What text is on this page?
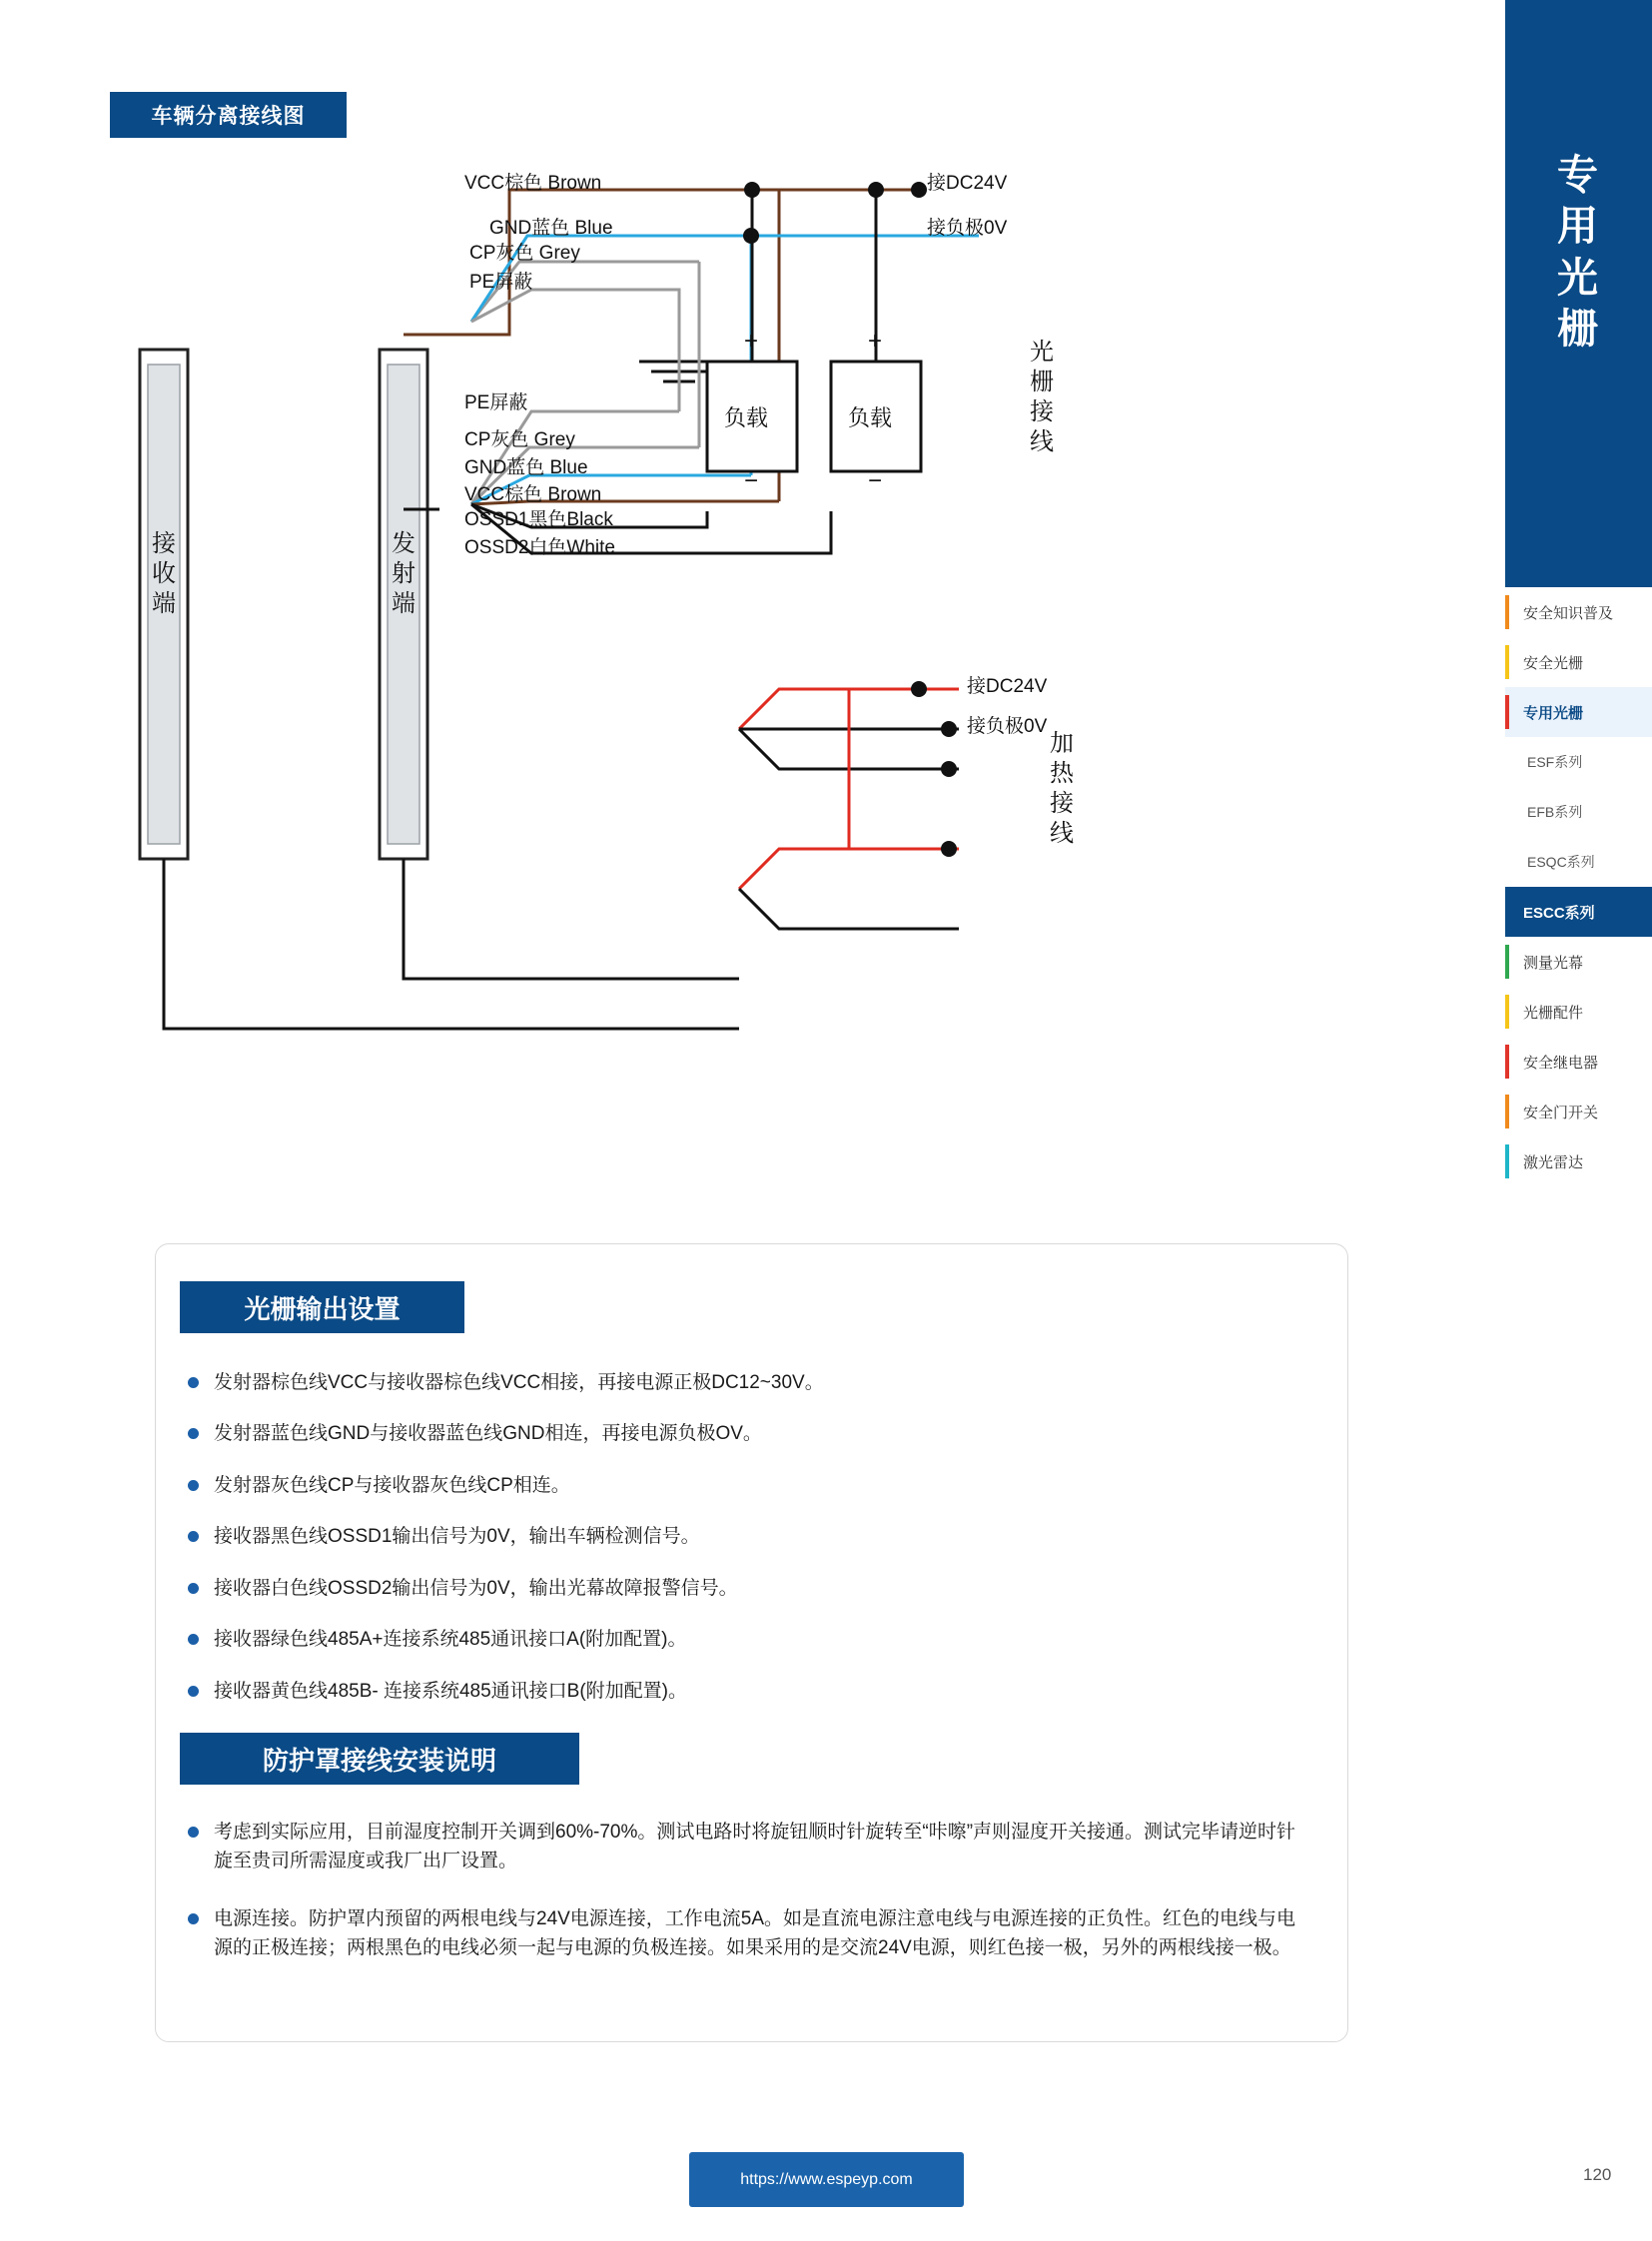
车辆分离接线图
VCC棕色 Brown
GND蓝色 Blue
CP灰色 Grey
PE屏蔽
PE屏蔽
CP灰色 Grey
GND蓝色 Blue
VCC棕色 Brown
OSSD1黑色Black
OSSD2白色White
接DC24V
接负极0V
接DC24V
接负极0V
负载	负载
+	+
−	−
接
收
端
发
射
端
光
栅
接
线
加
热
接
线
光栅输出设置
发射器棕色线VCC与接收器棕色线VCC相接，再接电源正极DC12~30V。
发射器蓝色线GND与接收器蓝色线GND相连，再接电源负极OV。
发射器灰色线CP与接收器灰色线CP相连。
接收器黑色线OSSD1输出信号为0V，输出车辆检测信号。
接收器白色线OSSD2输出信号为0V，输出光幕故障报警信号。
接收器绿色线485A+连接系统485通讯接口A(附加配置)。
接收器黄色线485B- 连接系统485通讯接口B(附加配置)。
防护罩接线安装说明
考虑到实际应用，目前湿度控制开关调到60%-70%。测试电路时将旋钮顺时针旋转至“咔嚓”声则湿度开关接通。测试完毕请逆时针旋至贵司所需湿度或我厂出厂设置。
电源连接。防护罩内预留的两根电线与24V电源连接，工作电流5A。如是直流电源注意电线与电源连接的正负性。红色的电线与电源的正极连接；两根黑色的电线必须一起与电源的负极连接。如果采用的是交流24V电源，则红色接一极，另外的两根线接一极。
专
用
光
栅
安全知识普及
安全光栅
专用光栅
ESF系列
EFB系列
ESQC系列
ESCC系列
测量光幕
光栅配件
安全继电器
安全门开关
激光雷达
https://www.espeyp.com	120
